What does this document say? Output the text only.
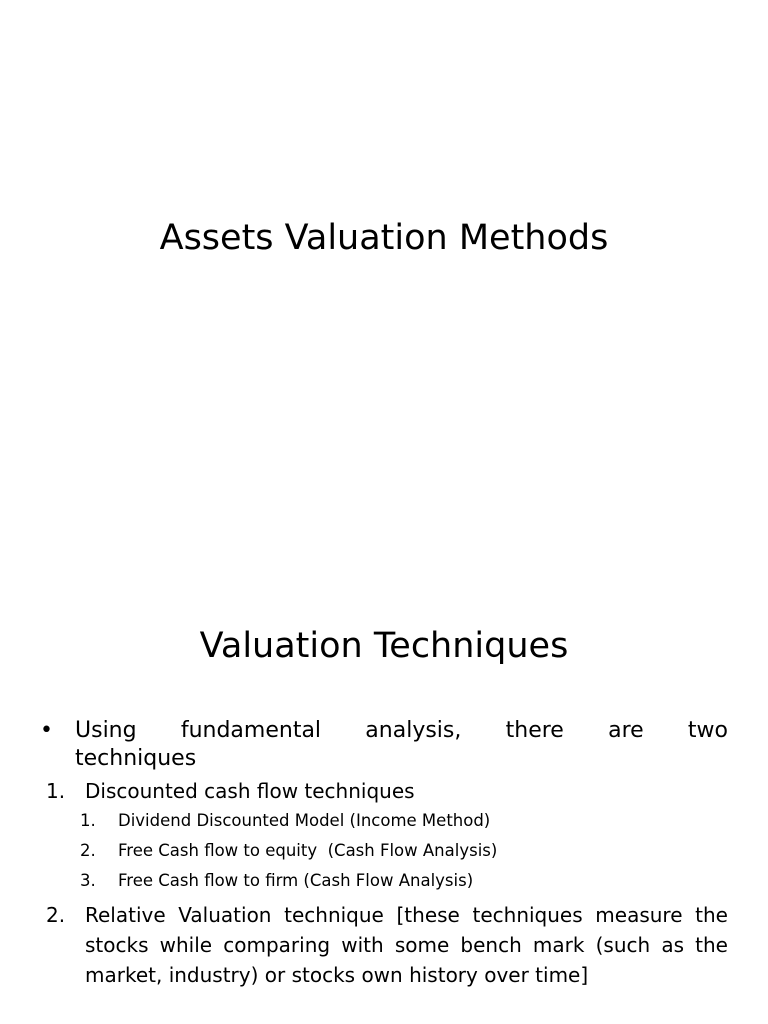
Assets Valuation Methods
Valuation Techniques
•	Using fundamental analysis, there are two
techniques
1. Discounted cash flow techniques
1.	Dividend Discounted Model (Income Method)
2.	Free Cash flow to equity  (Cash Flow Analysis)
3.	Free Cash flow to firm (Cash Flow Analysis)
2. Relative Valuation technique [these techniques measure the stocks while comparing with some bench mark (such as the market, industry) or stocks own history over time]
